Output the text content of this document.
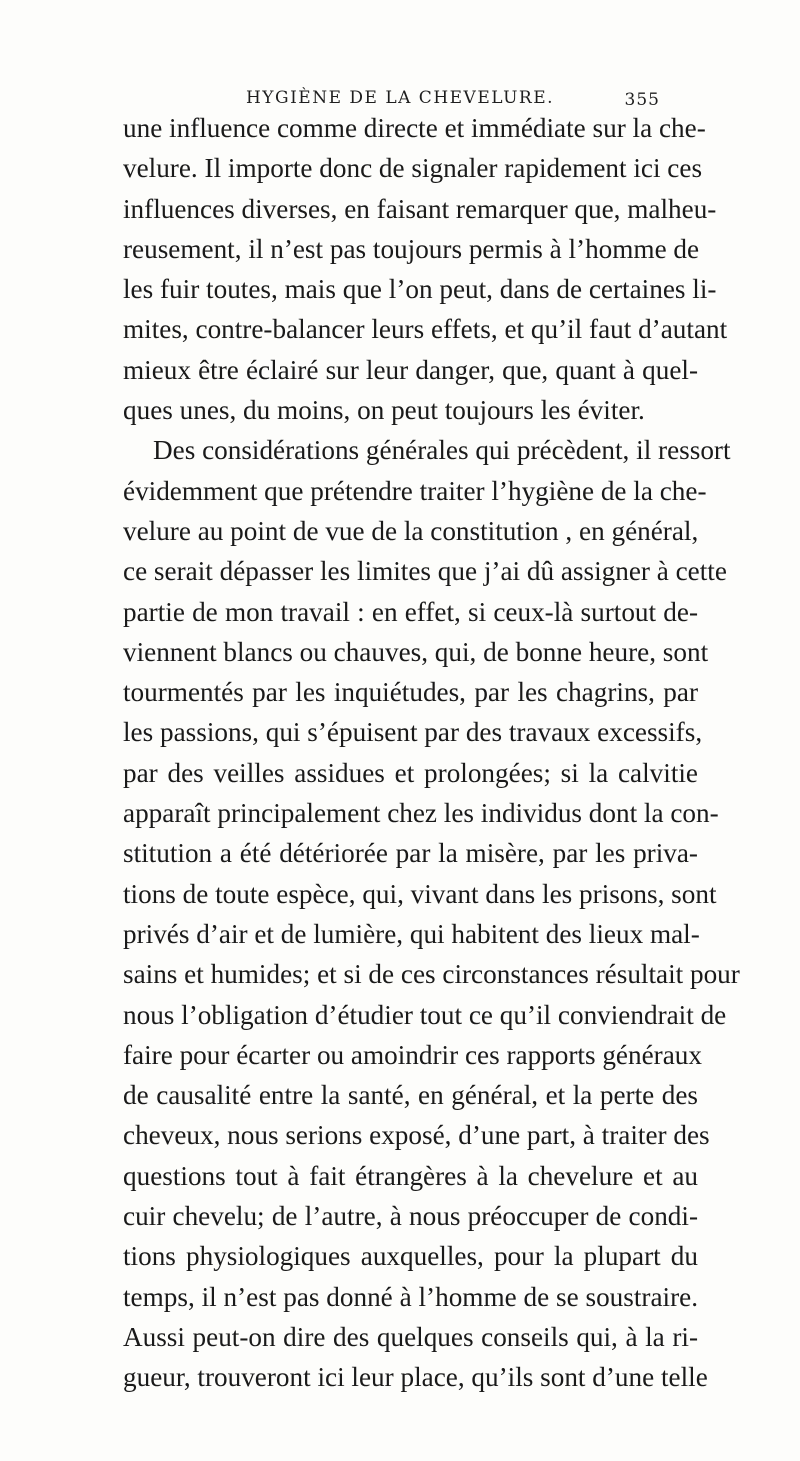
HYGIÈNE DE LA CHEVELURE.	355
une influence comme directe et immédiate sur la che-
velure. Il importe donc de signaler rapidement ici ces
influences diverses, en faisant remarquer que, malheu-
reusement, il n’est pas toujours permis à l’homme de
les fuir toutes, mais que l’on peut, dans de certaines li-
mites, contre-balancer leurs effets, et qu’il faut d’autant
mieux être éclairé sur leur danger, que, quant à quel-
ques unes, du moins, on peut toujours les éviter.
Des considérations générales qui précèdent, il ressort
évidemment que prétendre traiter l’hygiène de la che-
velure au point de vue de la constitution , en général,
ce serait dépasser les limites que j’ai dû assigner à cette
partie de mon travail : en effet, si ceux-là surtout de-
viennent blancs ou chauves, qui, de bonne heure, sont
tourmentés par les inquiétudes, par les chagrins, par
les passions, qui s’épuisent par des travaux excessifs,
par des veilles assidues et prolongées; si la calvitie
apparaît principalement chez les individus dont la con-
stitution a été détériorée par la misère, par les priva-
tions de toute espèce, qui, vivant dans les prisons, sont
privés d’air et de lumière, qui habitent des lieux mal-
sains et humides; et si de ces circonstances résultait pour
nous l’obligation d’étudier tout ce qu’il conviendrait de
faire pour écarter ou amoindrir ces rapports généraux
de causalité entre la santé, en général, et la perte des
cheveux, nous serions exposé, d’une part, à traiter des
questions tout à fait étrangères à la chevelure et au
cuir chevelu; de l’autre, à nous préoccuper de condi-
tions physiologiques auxquelles, pour la plupart du
temps, il n’est pas donné à l’homme de se soustraire.
Aussi peut-on dire des quelques conseils qui, à la ri-
gueur, trouveront ici leur place, qu’ils sont d’une telle
